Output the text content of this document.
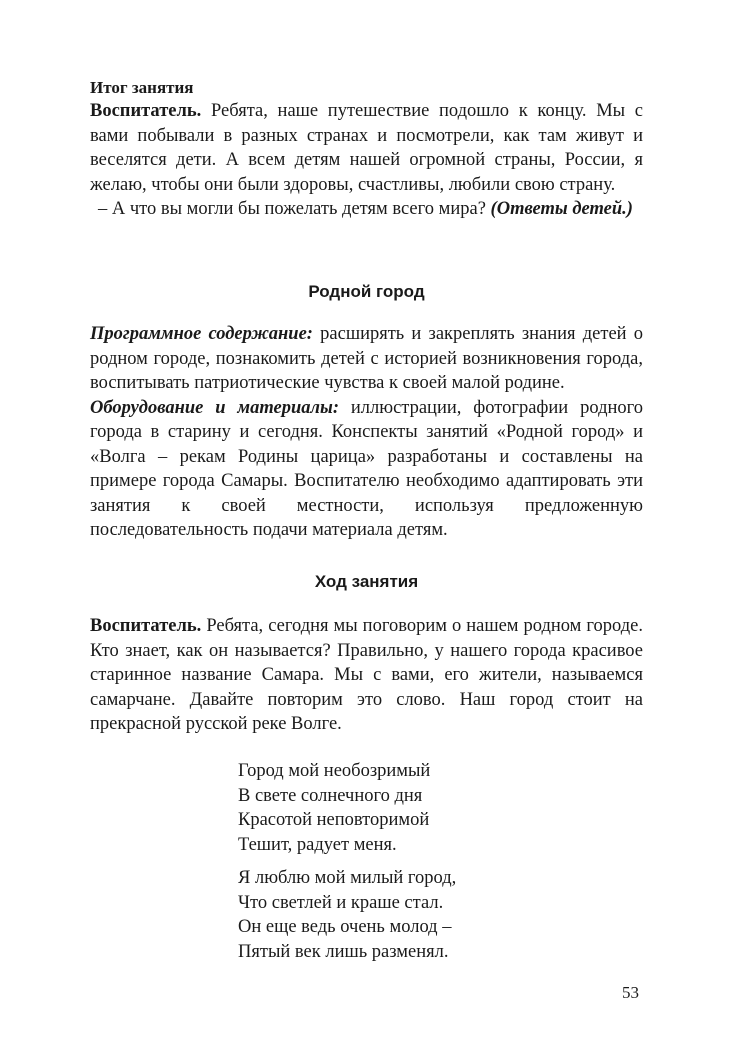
Итог занятия

Воспитатель. Ребята, наше путешествие подошло к концу. Мы с вами побывали в разных странах и посмотрели, как там живут и веселятся дети. А всем детям нашей огромной страны, России, я желаю, чтобы они были здоровы, счастливы, любили свою страну.

– А что вы могли бы пожелать детям всего мира? (Ответы детей.)

Родной город

Программное содержание: расширять и закреплять знания детей о родном городе, познакомить детей с историей возникновения города, воспитывать патриотические чувства к своей малой родине.

Оборудование и материалы: иллюстрации, фотографии родного города в старину и сегодня. Конспекты занятий «Родной город» и «Волга – рекам Родины царица» разработаны и составлены на примере города Самары. Воспитателю необходимо адаптировать эти занятия к своей местности, используя предложенную последовательность подачи материала детям.

Ход занятия

Воспитатель. Ребята, сегодня мы поговорим о нашем родном городе. Кто знает, как он называется? Правильно, у нашего города красивое старинное название Самара. Мы с вами, его жители, называемся самарчане. Давайте повторим это слово. Наш город стоит на прекрасной русской реке Волге.

Город мой необозримый
В свете солнечного дня
Красотой неповторимой
Тешит, радует меня.
Я люблю мой милый город,
Что светлей и краше стал.
Он еще ведь очень молод –
Пятый век лишь разменял.
53
